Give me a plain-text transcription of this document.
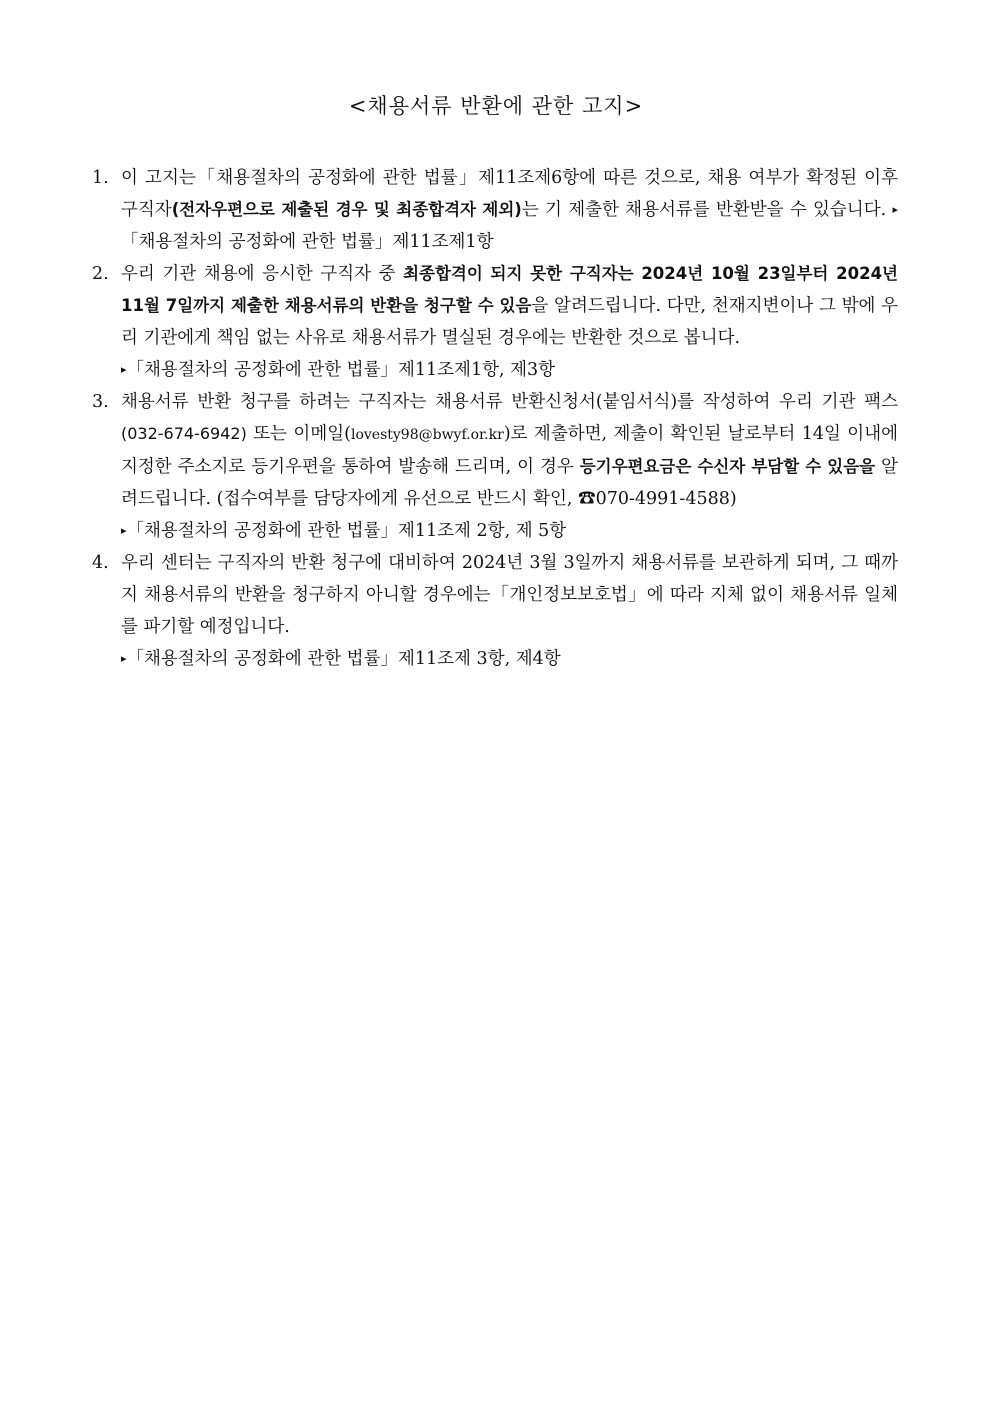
<채용서류 반환에 관한 고지>
1. 이 고지는「채용절차의 공정화에 관한 법률」제11조제6항에 따른 것으로, 채용 여부가 확정된 이후 구직자(전자우편으로 제출된 경우 및 최종합격자 제외)는 기 제출한 채용서류를 반환받을 수 있습니다. ▸「채용절차의 공정화에 관한 법률」제11조제1항

2. 우리 기관 채용에 응시한 구직자 중 최종합격이 되지 못한 구직자는 2024년 10월 23일부터 2024년 11월 7일까지 제출한 채용서류의 반환을 청구할 수 있음을 알려드립니다. 다만, 천재지변이나 그 밖에 우리 기관에게 책임 없는 사유로 채용서류가 멸실된 경우에는 반환한 것으로 봅니다.

▸「채용절차의 공정화에 관한 법률」제11조제1항, 제3항
3. 채용서류 반환 청구를 하려는 구직자는 채용서류 반환신청서(붙임서식)를 작성하여 우리 기관 팩스(032-674-6942) 또는 이메일(lovesty98@bwyf.or.kr)로 제출하면, 제출이 확인된 날로부터 14일 이내에 지정한 주소지로 등기우편을 통하여 발송해 드리며, 이 경우 등기우편요금은 수신자 부담할 수 있음을 알려드립니다. (접수여부를 담당자에게 유선으로 반드시 확인, ☎070-4991-4588)

▸「채용절차의 공정화에 관한 법률」제11조제 2항, 제 5항
4. 우리 센터는 구직자의 반환 청구에 대비하여 2024년 3월 3일까지 채용서류를 보관하게 되며, 그 때까지 채용서류의 반환을 청구하지 아니할 경우에는「개인정보보호법」에 따라 지체 없이 채용서류 일체를 파기할 예정입니다.

▸「채용절차의 공정화에 관한 법률」제11조제 3항, 제4항
